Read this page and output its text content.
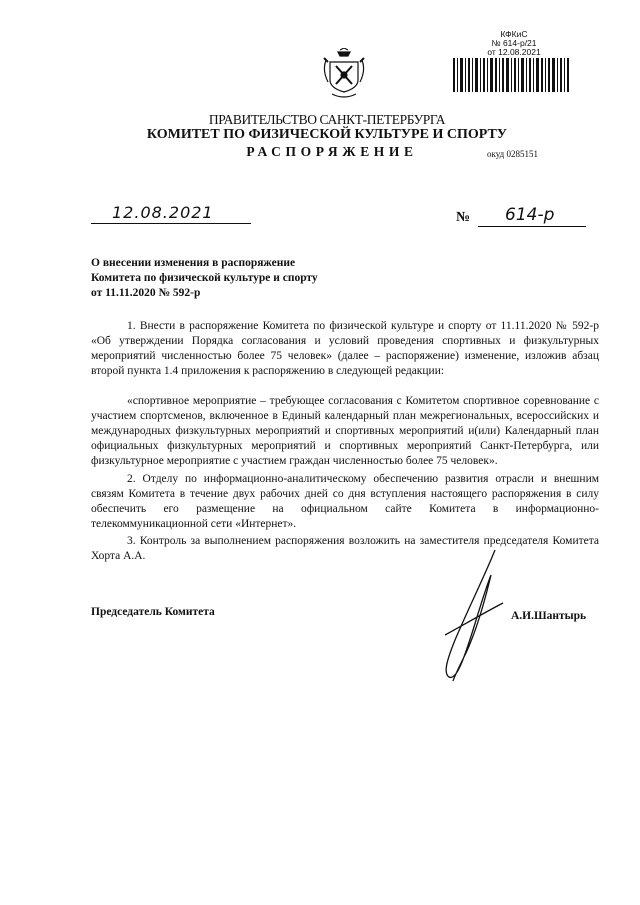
КФКиС
№ 614-р/21
от 12.08.2021
ПРАВИТЕЛЬСТВО САНКТ-ПЕТЕРБУРГА
КОМИТЕТ ПО ФИЗИЧЕСКОЙ КУЛЬТУРЕ И СПОРТУ
РАСПОРЯЖЕНИЕ	окуд 0285151
12.08.2021	№ 614-р
О внесении изменения в распоряжение
Комитета по физической культуре и спорту
от 11.11.2020 № 592-р
1. Внести в распоряжение Комитета по физической культуре и спорту от 11.11.2020 № 592-р «Об утверждении Порядка согласования и условий проведения спортивных и физкультурных мероприятий численностью более 75 человек» (далее – распоряжение) изменение, изложив абзац второй пункта 1.4 приложения к распоряжению в следующей редакции:
«спортивное мероприятие – требующее согласования с Комитетом спортивное соревнование с участием спортсменов, включенное в Единый календарный план межрегиональных, всероссийских и международных физкультурных мероприятий и спортивных мероприятий и(или) Календарный план официальных физкультурных мероприятий и спортивных мероприятий Санкт-Петербурга, или физкультурное мероприятие с участием граждан численностью более 75 человек».
2. Отделу по информационно-аналитическому обеспечению развития отрасли и внешним связям Комитета в течение двух рабочих дней со дня вступления настоящего распоряжения в силу обеспечить его размещение на официальном сайте Комитета в информационно-телекоммуникационной сети «Интернет».
3. Контроль за выполнением распоряжения возложить на заместителя председателя Комитета Хорта А.А.
Председатель Комитета	А.И.Шантырь
